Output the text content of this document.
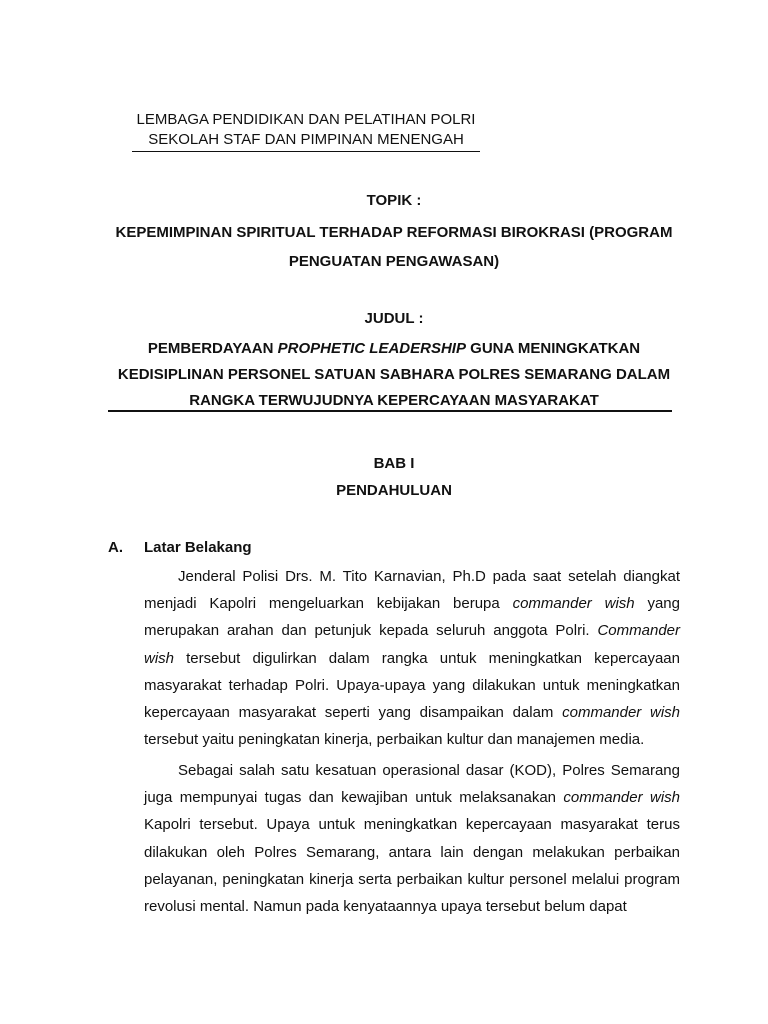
LEMBAGA PENDIDIKAN DAN PELATIHAN POLRI
SEKOLAH STAF DAN PIMPINAN MENENGAH
TOPIK :
KEPEMIMPINAN SPIRITUAL TERHADAP REFORMASI BIROKRASI (PROGRAM
PENGUATAN PENGAWASAN)
JUDUL :
PEMBERDAYAAN PROPHETIC LEADERSHIP GUNA MENINGKATKAN
KEDISIPLINAN PERSONEL SATUAN SABHARA POLRES SEMARANG DALAM
RANGKA TERWUJUDNYA KEPERCAYAAN MASYARAKAT
BAB I
PENDAHULUAN
A. Latar Belakang
Jenderal Polisi Drs. M. Tito Karnavian, Ph.D pada saat setelah diangkat menjadi Kapolri mengeluarkan kebijakan berupa commander wish yang merupakan arahan dan petunjuk kepada seluruh anggota Polri. Commander wish tersebut digulirkan dalam rangka untuk meningkatkan kepercayaan masyarakat terhadap Polri. Upaya-upaya yang dilakukan untuk meningkatkan kepercayaan masyarakat seperti yang disampaikan dalam commander wish tersebut yaitu peningkatan kinerja, perbaikan kultur dan manajemen media.
Sebagai salah satu kesatuan operasional dasar (KOD), Polres Semarang juga mempunyai tugas dan kewajiban untuk melaksanakan commander wish Kapolri tersebut. Upaya untuk meningkatkan kepercayaan masyarakat terus dilakukan oleh Polres Semarang, antara lain dengan melakukan perbaikan pelayanan, peningkatan kinerja serta perbaikan kultur personel melalui program revolusi mental. Namun pada kenyataannya upaya tersebut belum dapat
